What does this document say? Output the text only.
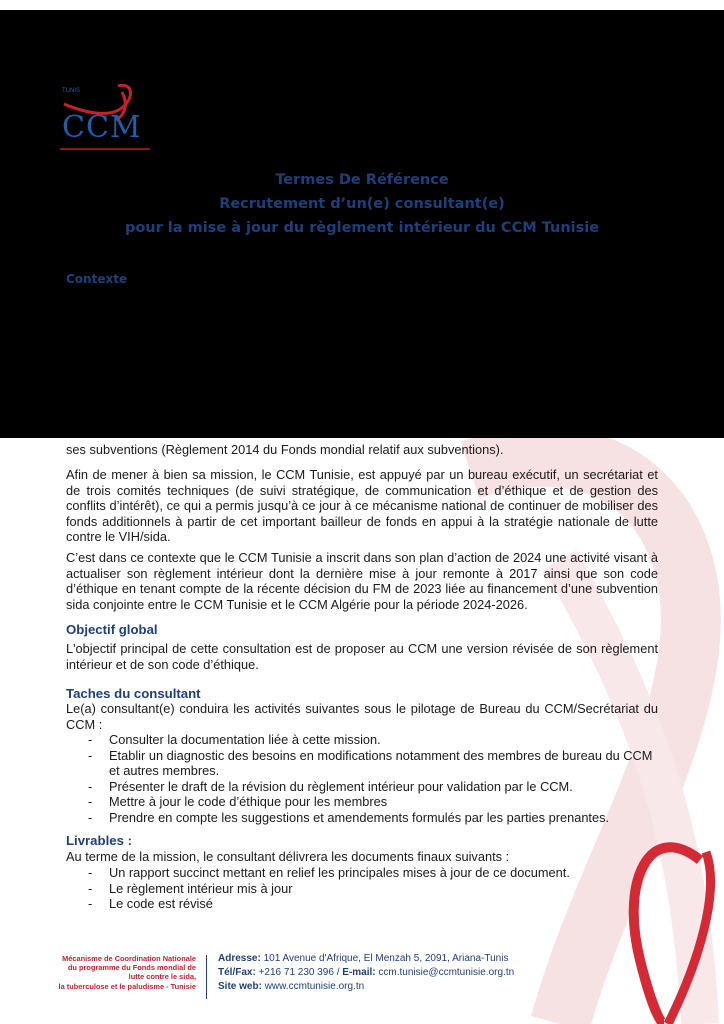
TUNIS
CCM
Termes De Référence
Recrutement d’un(e) consultant(e)
pour la mise à jour du règlement intérieur du CCM Tunisie
Contexte
ses subventions (Règlement 2014 du Fonds mondial relatif aux subventions).
Afin de mener à bien sa mission, le CCM Tunisie, est appuyé par un bureau exécutif, un secrétariat et de trois comités techniques (de suivi stratégique, de communication et d’éthique et de gestion des conflits d’intérêt), ce qui a permis jusqu’à ce jour à ce mécanisme national de continuer de mobiliser des fonds additionnels à partir de cet important bailleur de fonds en appui à la stratégie nationale de lutte contre le VIH/sida.
C’est dans ce contexte que le CCM Tunisie a inscrit dans son plan d’action de 2024 une activité visant à actualiser son règlement intérieur dont la dernière mise à jour remonte à 2017 ainsi que son code d’éthique en tenant compte de la récente décision du FM de 2023 liée au financement d’une subvention sida conjointe entre le CCM Tunisie et le CCM Algérie pour la période 2024-2026.
Objectif global
L'objectif principal de cette consultation est de proposer au CCM une version révisée de son règlement intérieur et de son code d’éthique.
Taches du consultant
Le(a) consultant(e) conduira les activités suivantes sous le pilotage de Bureau du CCM/Secrétariat du CCM :
- Consulter la documentation liée à cette mission.
- Etablir un diagnostic des besoins en modifications notamment des membres de bureau du CCM et autres membres.
- Présenter le draft de la révision du règlement intérieur pour validation par le CCM.
- Mettre à jour le code d’éthique pour les membres
- Prendre en compte les suggestions et amendements formulés par les parties prenantes.
Livrables :
Au terme de la mission, le consultant délivrera les documents finaux suivants :
- Un rapport succinct mettant en relief les principales mises à jour de ce document.
- Le règlement intérieur mis à jour
- Le code est révisé
Mécanisme de Coordination Nationale
du programme du Fonds mondial de
lutte contre le sida,
la tuberculose et le paludisme - Tunisie
Adresse: 101 Avenue d'Afrique, El Menzah 5, 2091, Ariana-Tunis
Tél/Fax: +216 71 230 396 / E-mail: ccm.tunisie@ccmtunisie.org.tn
Site web: www.ccmtunisie.org.tn
